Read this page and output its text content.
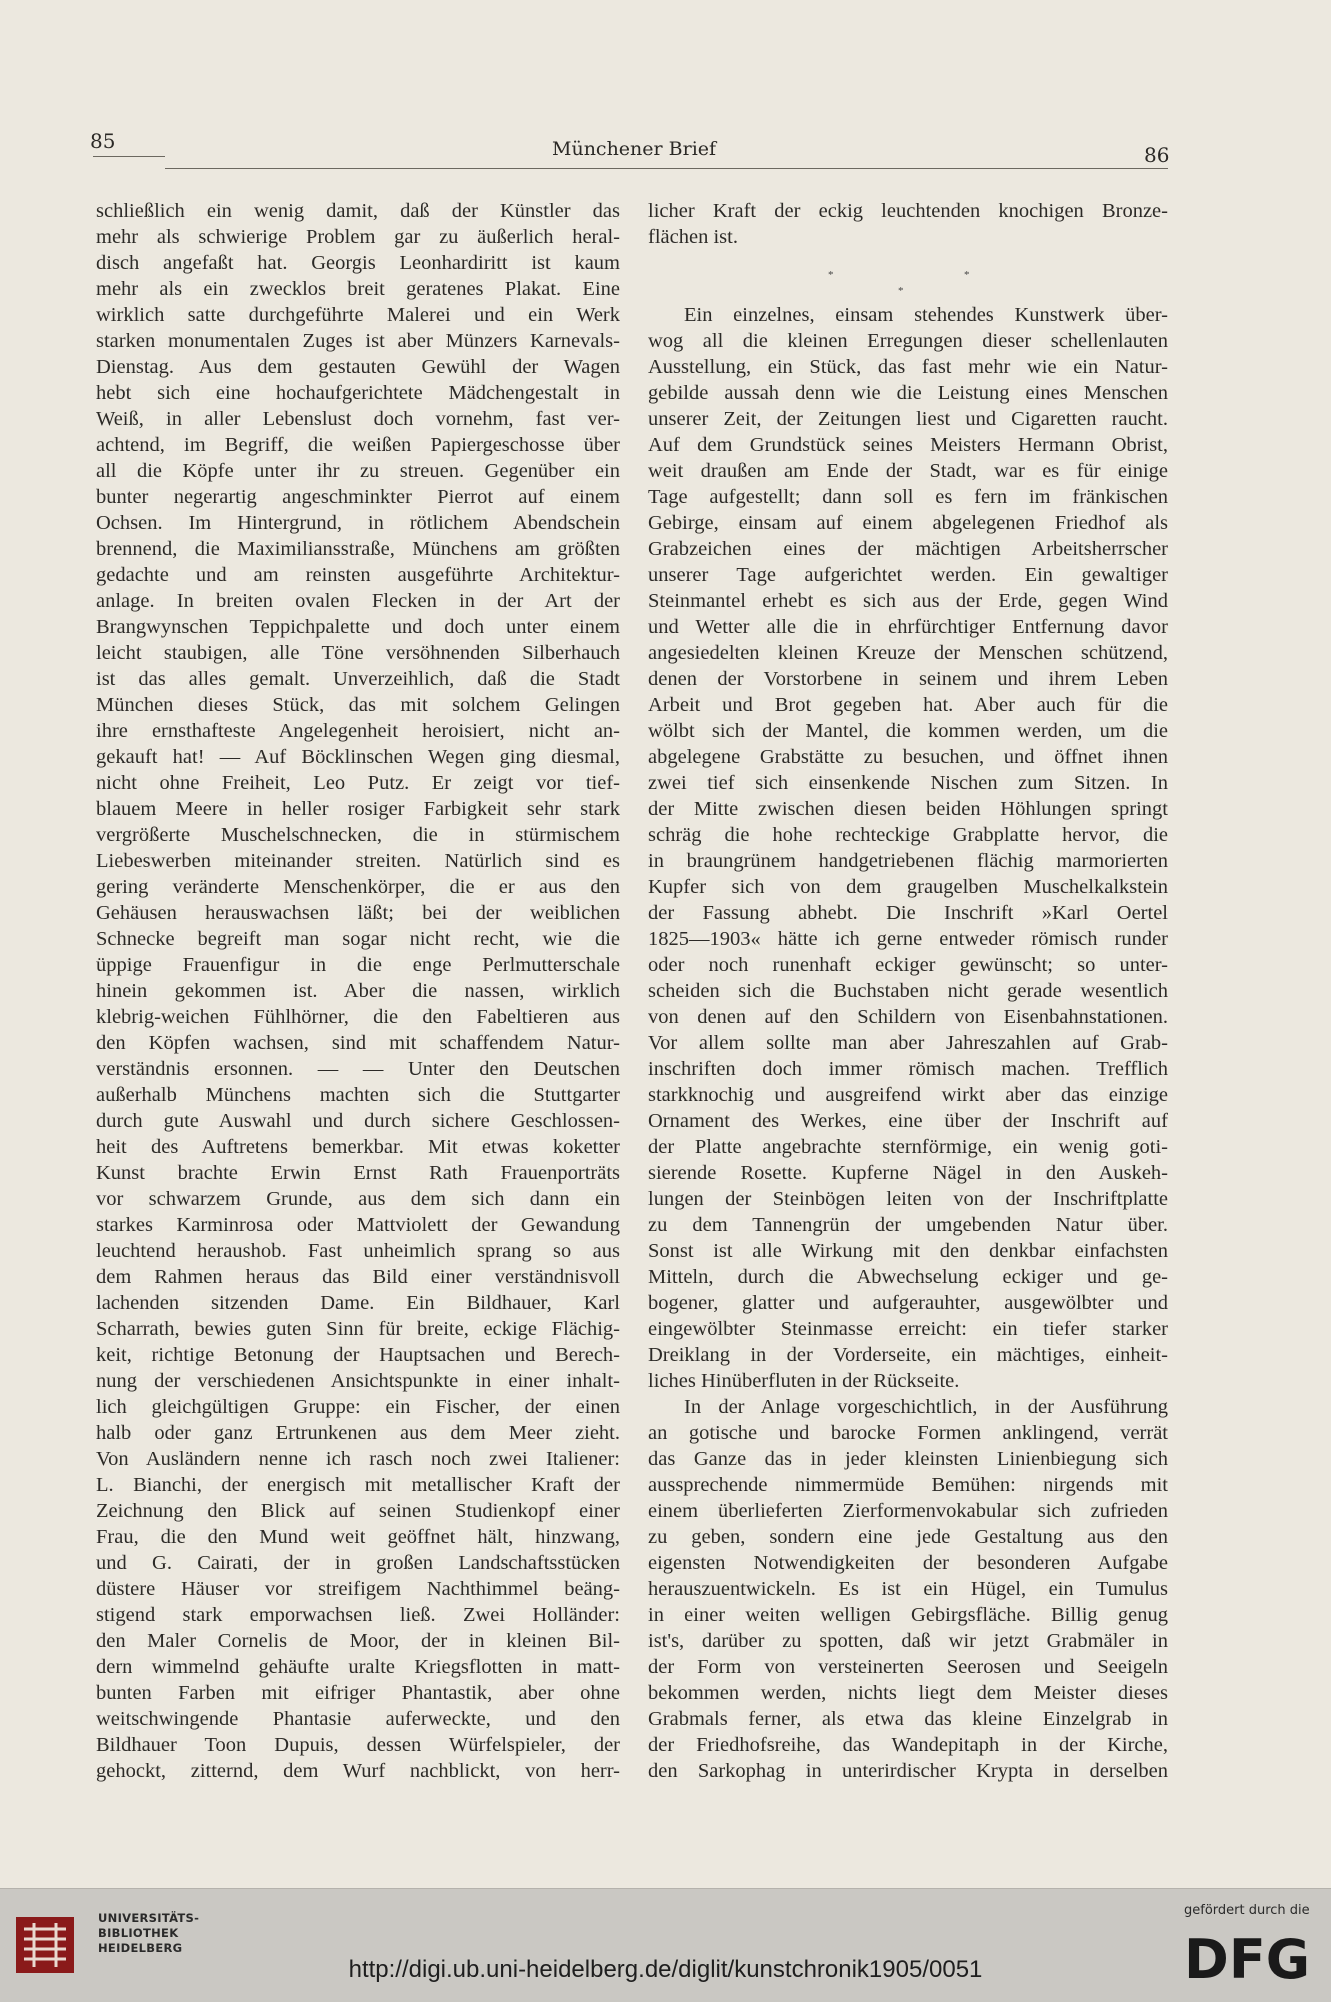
85	Münchener Brief	86
schließlich ein wenig damit, daß der Künstler das
mehr als schwierige Problem gar zu äußerlich heral-
disch angefaßt hat. Georgis Leonhardiritt ist kaum
mehr als ein zwecklos breit geratenes Plakat. Eine
wirklich satte durchgeführte Malerei und ein Werk
starken monumentalen Zuges ist aber Münzers Karnevals-
Dienstag. Aus dem gestauten Gewühl der Wagen
hebt sich eine hochaufgerichtete Mädchengestalt in
Weiß, in aller Lebenslust doch vornehm, fast ver-
achtend, im Begriff, die weißen Papiergeschosse über
all die Köpfe unter ihr zu streuen. Gegenüber ein
bunter negerartig angeschminkter Pierrot auf einem
Ochsen. Im Hintergrund, in rötlichem Abendschein
brennend, die Maximiliansstraße, Münchens am größten
gedachte und am reinsten ausgeführte Architektur-
anlage. In breiten ovalen Flecken in der Art der
Brangwynschen Teppichpalette und doch unter einem
leicht staubigen, alle Töne versöhnenden Silberhauch
ist das alles gemalt. Unverzeihlich, daß die Stadt
München dieses Stück, das mit solchem Gelingen
ihre ernsthafteste Angelegenheit heroisiert, nicht an-
gekauft hat! — Auf Böcklinschen Wegen ging diesmal,
nicht ohne Freiheit, Leo Putz. Er zeigt vor tief-
blauem Meere in heller rosiger Farbigkeit sehr stark
vergrößerte Muschelschnecken, die in stürmischem
Liebeswerben miteinander streiten. Natürlich sind es
gering veränderte Menschenkörper, die er aus den
Gehäusen herauswachsen läßt; bei der weiblichen
Schnecke begreift man sogar nicht recht, wie die
üppige Frauenfigur in die enge Perlmutterschale
hinein gekommen ist. Aber die nassen, wirklich
klebrig-weichen Fühlhörner, die den Fabeltieren aus
den Köpfen wachsen, sind mit schaffendem Natur-
verständnis ersonnen. — — Unter den Deutschen
außerhalb Münchens machten sich die Stuttgarter
durch gute Auswahl und durch sichere Geschlossen-
heit des Auftretens bemerkbar. Mit etwas koketter
Kunst brachte Erwin Ernst Rath Frauenporträts
vor schwarzem Grunde, aus dem sich dann ein
starkes Karminrosa oder Mattviolett der Gewandung
leuchtend heraushob. Fast unheimlich sprang so aus
dem Rahmen heraus das Bild einer verständnisvoll
lachenden sitzenden Dame. Ein Bildhauer, Karl
Scharrath, bewies guten Sinn für breite, eckige Flächig-
keit, richtige Betonung der Hauptsachen und Berech-
nung der verschiedenen Ansichtspunkte in einer inhalt-
lich gleichgültigen Gruppe: ein Fischer, der einen
halb oder ganz Ertrunkenen aus dem Meer zieht.
Von Ausländern nenne ich rasch noch zwei Italiener:
L. Bianchi, der energisch mit metallischer Kraft der
Zeichnung den Blick auf seinen Studienkopf einer
Frau, die den Mund weit geöffnet hält, hinzwang,
und G. Cairati, der in großen Landschaftsstücken
düstere Häuser vor streifigem Nachthimmel beäng-
stigend stark emporwachsen ließ. Zwei Holländer:
den Maler Cornelis de Moor, der in kleinen Bil-
dern wimmelnd gehäufte uralte Kriegsflotten in matt-
bunten Farben mit eifriger Phantastik, aber ohne
weitschwingende Phantasie auferweckte, und den
Bildhauer Toon Dupuis, dessen Würfelspieler, der
gehockt, zitternd, dem Wurf nachblickt, von herr-
licher Kraft der eckig leuchtenden knochigen Bronze-
flächen ist.
*	*
*
Ein einzelnes, einsam stehendes Kunstwerk über-
wog all die kleinen Erregungen dieser schellenlauten
Ausstellung, ein Stück, das fast mehr wie ein Natur-
gebilde aussah denn wie die Leistung eines Menschen
unserer Zeit, der Zeitungen liest und Cigaretten raucht.
Auf dem Grundstück seines Meisters Hermann Obrist,
weit draußen am Ende der Stadt, war es für einige
Tage aufgestellt; dann soll es fern im fränkischen
Gebirge, einsam auf einem abgelegenen Friedhof als
Grabzeichen eines der mächtigen Arbeitsherrscher
unserer Tage aufgerichtet werden. Ein gewaltiger
Steinmantel erhebt es sich aus der Erde, gegen Wind
und Wetter alle die in ehrfürchtiger Entfernung davor
angesiedelten kleinen Kreuze der Menschen schützend,
denen der Vorstorbene in seinem und ihrem Leben
Arbeit und Brot gegeben hat. Aber auch für die
wölbt sich der Mantel, die kommen werden, um die
abgelegene Grabstätte zu besuchen, und öffnet ihnen
zwei tief sich einsenkende Nischen zum Sitzen. In
der Mitte zwischen diesen beiden Höhlungen springt
schräg die hohe rechteckige Grabplatte hervor, die
in braungrünem handgetriebenen flächig marmorierten
Kupfer sich von dem graugelben Muschelkalkstein
der Fassung abhebt. Die Inschrift »Karl Oertel
1825—1903« hätte ich gerne entweder römisch runder
oder noch runenhaft eckiger gewünscht; so unter-
scheiden sich die Buchstaben nicht gerade wesentlich
von denen auf den Schildern von Eisenbahnstationen.
Vor allem sollte man aber Jahreszahlen auf Grab-
inschriften doch immer römisch machen. Trefflich
starkknochig und ausgreifend wirkt aber das einzige
Ornament des Werkes, eine über der Inschrift auf
der Platte angebrachte sternförmige, ein wenig goti-
sierende Rosette. Kupferne Nägel in den Auskeh-
lungen der Steinbögen leiten von der Inschriftplatte
zu dem Tannengrün der umgebenden Natur über.
Sonst ist alle Wirkung mit den denkbar einfachsten
Mitteln, durch die Abwechselung eckiger und ge-
bogener, glatter und aufgerauhter, ausgewölbter und
eingewölbter Steinmasse erreicht: ein tiefer starker
Dreiklang in der Vorderseite, ein mächtiges, einheit-
liches Hinüberfluten in der Rückseite.
In der Anlage vorgeschichtlich, in der Ausführung
an gotische und barocke Formen anklingend, verrät
das Ganze das in jeder kleinsten Linienbiegung sich
aussprechende nimmermüde Bemühen: nirgends mit
einem überlieferten Zierformenvokabular sich zufrieden
zu geben, sondern eine jede Gestaltung aus den
eigensten Notwendigkeiten der besonderen Aufgabe
herauszuentwickeln. Es ist ein Hügel, ein Tumulus
in einer weiten welligen Gebirgsfläche. Billig genug
ist's, darüber zu spotten, daß wir jetzt Grabmäler in
der Form von versteinerten Seerosen und Seeigeln
bekommen werden, nichts liegt dem Meister dieses
Grabmals ferner, als etwa das kleine Einzelgrab in
der Friedhofsreihe, das Wandepitaph in der Kirche,
den Sarkophag in unterirdischer Krypta in derselben
UNIVERSITÄTS-
BIBLIOTHEK
HEIDELBERG
http://digi.ub.uni-heidelberg.de/diglit/kunstchronik1905/0051
gefördert durch die
DFG
